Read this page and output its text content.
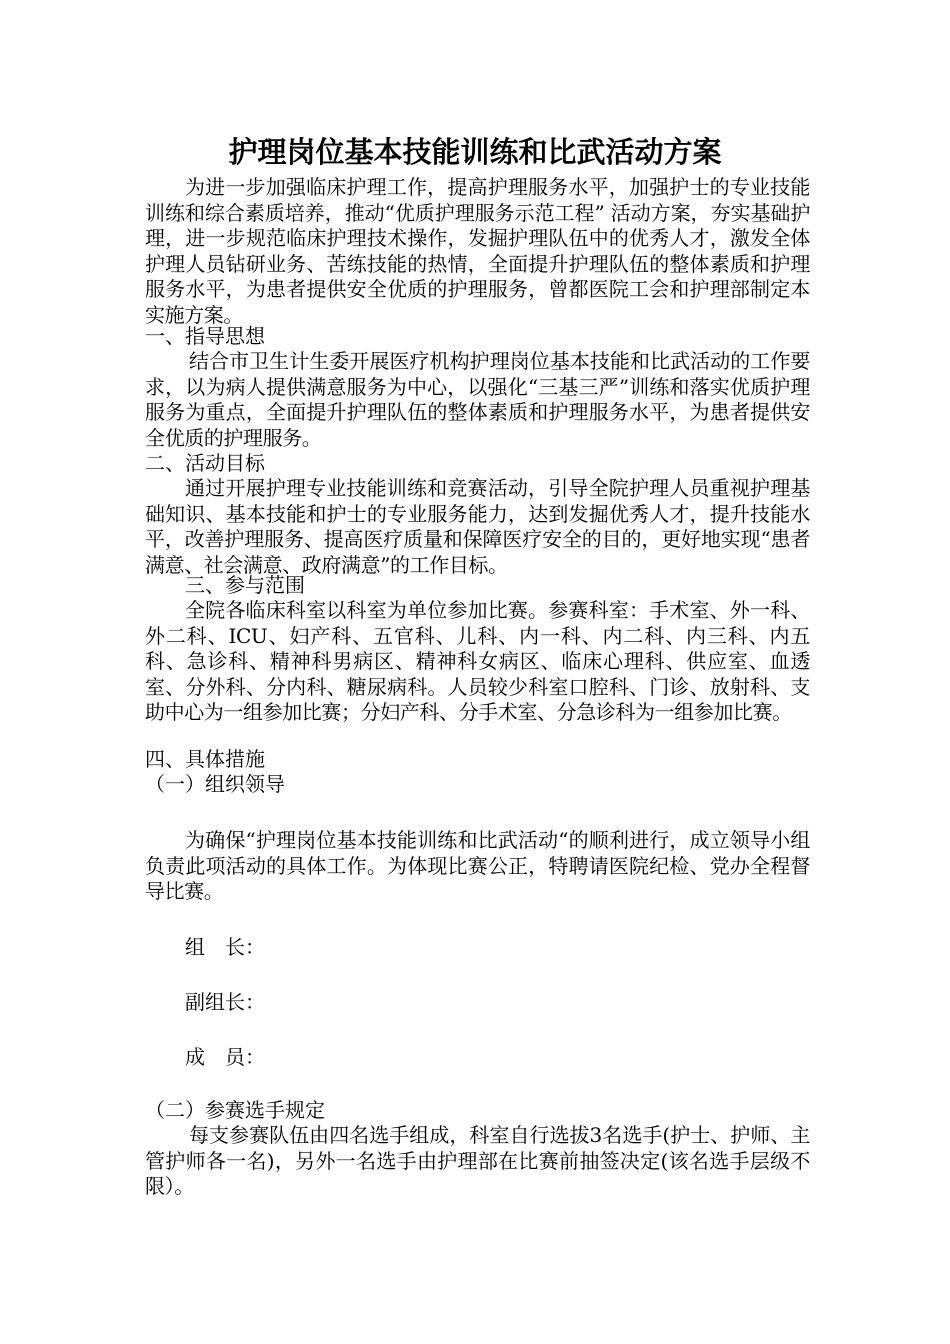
护理岗位基本技能训练和比武活动方案
为进一步加强临床护理工作，提高护理服务水平，加强护士的专业技能训练和综合素质培养，推动“优质护理服务示范工程” 活动方案，夯实基础护理，进一步规范临床护理技术操作，发掘护理队伍中的优秀人才，激发全体护理人员钻研业务、苦练技能的热情，全面提升护理队伍的整体素质和护理服务水平，为患者提供安全优质的护理服务，曾都医院工会和护理部制定本实施方案。
一、指导思想
结合市卫生计生委开展医疗机构护理岗位基本技能和比武活动的工作要求，以为病人提供满意服务为中心，以强化“三基三严”训练和落实优质护理服务为重点，全面提升护理队伍的整体素质和护理服务水平，为患者提供安全优质的护理服务。
二、活动目标
通过开展护理专业技能训练和竞赛活动，引导全院护理人员重视护理基础知识、基本技能和护士的专业服务能力，达到发掘优秀人才，提升技能水平，改善护理服务、提高医疗质量和保障医疗安全的目的，更好地实现“患者满意、社会满意、政府满意”的工作目标。
三、参与范围
全院各临床科室以科室为单位参加比赛。参赛科室：手术室、外一科、外二科、ICU、妇产科、五官科、儿科、内一科、内二科、内三科、内五科、急诊科、精神科男病区、精神科女病区、临床心理科、供应室、血透室、分外科、分内科、糖尿病科。人员较少科室口腔科、门诊、放射科、支助中心为一组参加比赛；分妇产科、分手术室、分急诊科为一组参加比赛。
四、具体措施
（一）组织领导
为确保“护理岗位基本技能训练和比武活动“的顺利进行，成立领导小组负责此项活动的具体工作。为体现比赛公正，特聘请医院纪检、党办全程督导比赛。
组　长：
副组长：
成　员：
（二）参赛选手规定
每支参赛队伍由四名选手组成，科室自行选拔3名选手(护士、护师、主管护师各一名)，另外一名选手由护理部在比赛前抽签决定(该名选手层级不限）。
